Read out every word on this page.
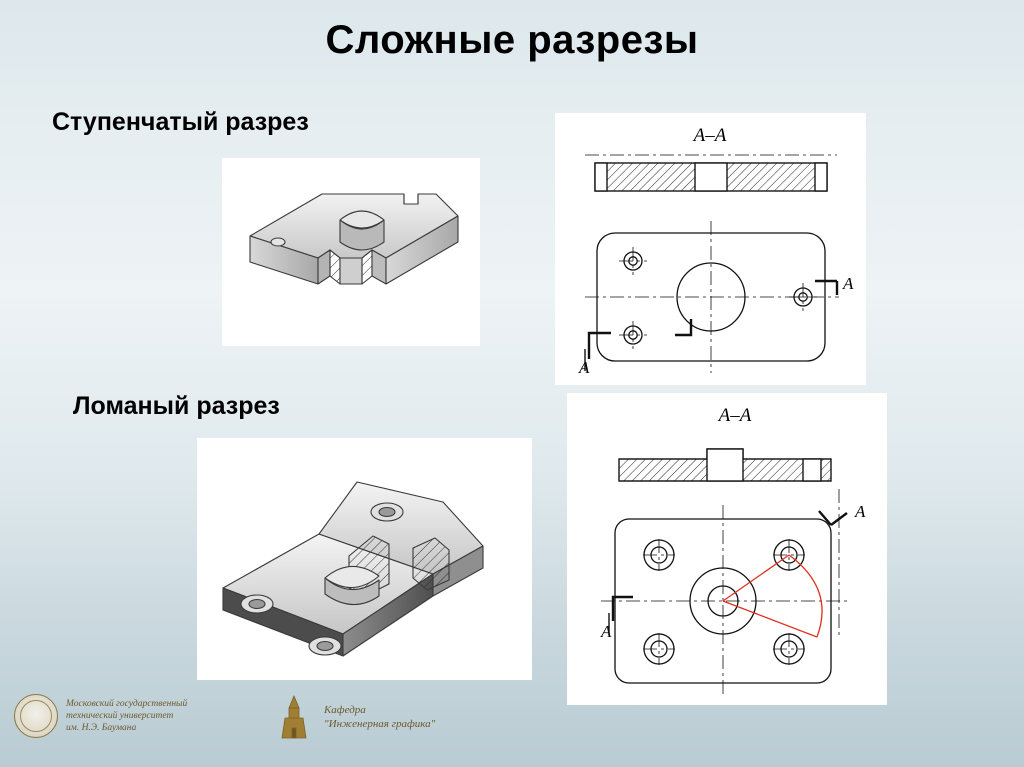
Сложные разрезы
Ступенчатый разрез
Ломаный разрез
A–A
A
A
A–A
A
A
Московский государственный
технический университет
им. Н.Э. Баумана
Кафедра
"Инженерная графика"
